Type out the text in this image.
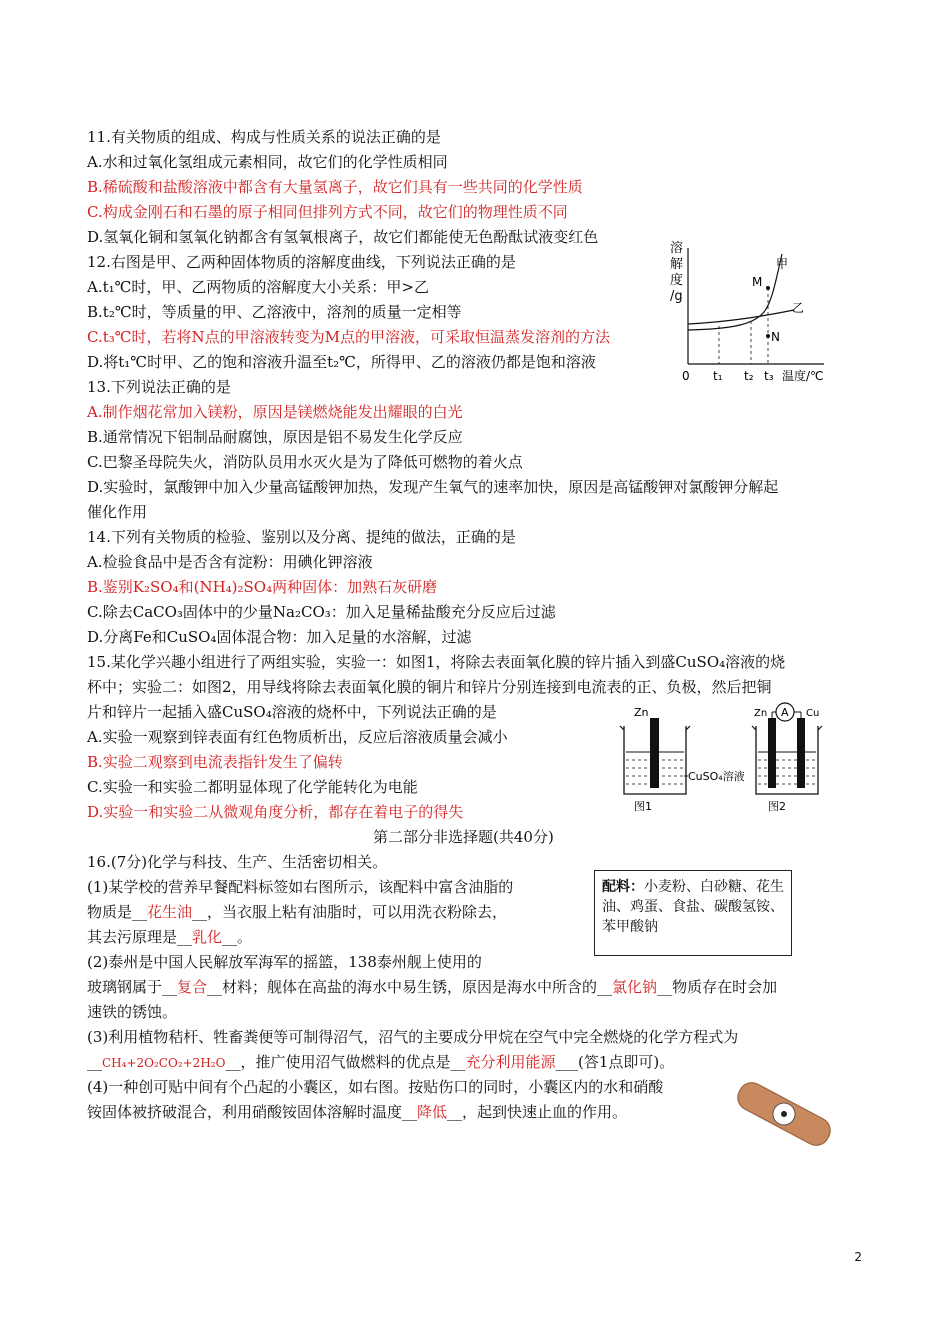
11.有关物质的组成、构成与性质关系的说法正确的是
A.水和过氧化氢组成元素相同，故它们的化学性质相同
B.稀硫酸和盐酸溶液中都含有大量氢离子，故它们具有一些共同的化学性质
C.构成金刚石和石墨的原子相同但排列方式不同，故它们的物理性质不同
D.氢氧化铜和氢氧化钠都含有氢氧根离子，故它们都能使无色酚酞试液变红色
12.右图是甲、乙两种固体物质的溶解度曲线，下列说法正确的是
A.t₁℃时，甲、乙两物质的溶解度大小关系：甲>乙
B.t₂℃时，等质量的甲、乙溶液中，溶剂的质量一定相等
C.t₃℃时，若将N点的甲溶液转变为M点的甲溶液，可采取恒温蒸发溶剂的方法
D.将t₁℃时甲、乙的饱和溶液升温至t₂℃，所得甲、乙的溶液仍都是饱和溶液
溶
解
度
/g
M
N
甲
乙
0 t₁ t₂ t₃ 温度/℃
13.下列说法正确的是
A.制作烟花常加入镁粉，原因是镁燃烧能发出耀眼的白光
B.通常情况下铝制品耐腐蚀，原因是铝不易发生化学反应
C.巴黎圣母院失火，消防队员用水灭火是为了降低可燃物的着火点
D.实验时，氯酸钾中加入少量高锰酸钾加热，发现产生氧气的速率加快，原因是高锰酸钾对氯酸钾分解起
催化作用
14.下列有关物质的检验、鉴别以及分离、提纯的做法，正确的是
A.检验食品中是否含有淀粉：用碘化钾溶液
B.鉴别K₂SO₄和(NH₄)₂SO₄两种固体：加熟石灰研磨
C.除去CaCO₃固体中的少量Na₂CO₃：加入足量稀盐酸充分反应后过滤
D.分离Fe和CuSO₄固体混合物：加入足量的水溶解，过滤
15.某化学兴趣小组进行了两组实验，实验一：如图1，将除去表面氧化膜的锌片插入到盛CuSO₄溶液的烧
杯中；实验二：如图2，用导线将除去表面氧化膜的铜片和锌片分别连接到电流表的正、负极，然后把铜
片和锌片一起插入盛CuSO₄溶液的烧杯中，下列说法正确的是
A.实验一观察到锌表面有红色物质析出，反应后溶液质量会减小
B.实验二观察到电流表指针发生了偏转
C.实验一和实验二都明显体现了化学能转化为电能
D.实验一和实验二从微观角度分析，都存在着电子的得失
Zn
图1
A
Zn	Cu
图2
CuSO₄溶液
第二部分非选择题(共40分)
16.(7分)化学与科技、生产、生活密切相关。
(1)某学校的营养早餐配料标签如右图所示，该配料中富含油脂的
物质是__花生油__，当衣服上粘有油脂时，可以用洗衣粉除去，
其去污原理是__乳化__。
配料：小麦粉、白砂糖、花生油、鸡蛋、食盐、碳酸氢铵、苯甲酸钠
(2)泰州是中国人民解放军海军的摇篮，138泰州舰上使用的
玻璃钢属于__复合__材料；舰体在高盐的海水中易生锈，原因是海水中所含的__氯化钠__物质存在时会加
速铁的锈蚀。
(3)利用植物秸杆、牲畜粪便等可制得沼气，沼气的主要成分甲烷在空气中完全燃烧的化学方程式为
__CH₄+2O₂CO₂+2H₂O__，推广使用沼气做燃料的优点是__充分利用能源___(答1点即可)。
(4)一种创可贴中间有个凸起的小囊区，如右图。按贴伤口的同时，小囊区内的水和硝酸
铵固体被挤破混合，利用硝酸铵固体溶解时温度__降低__，起到快速止血的作用。
2
